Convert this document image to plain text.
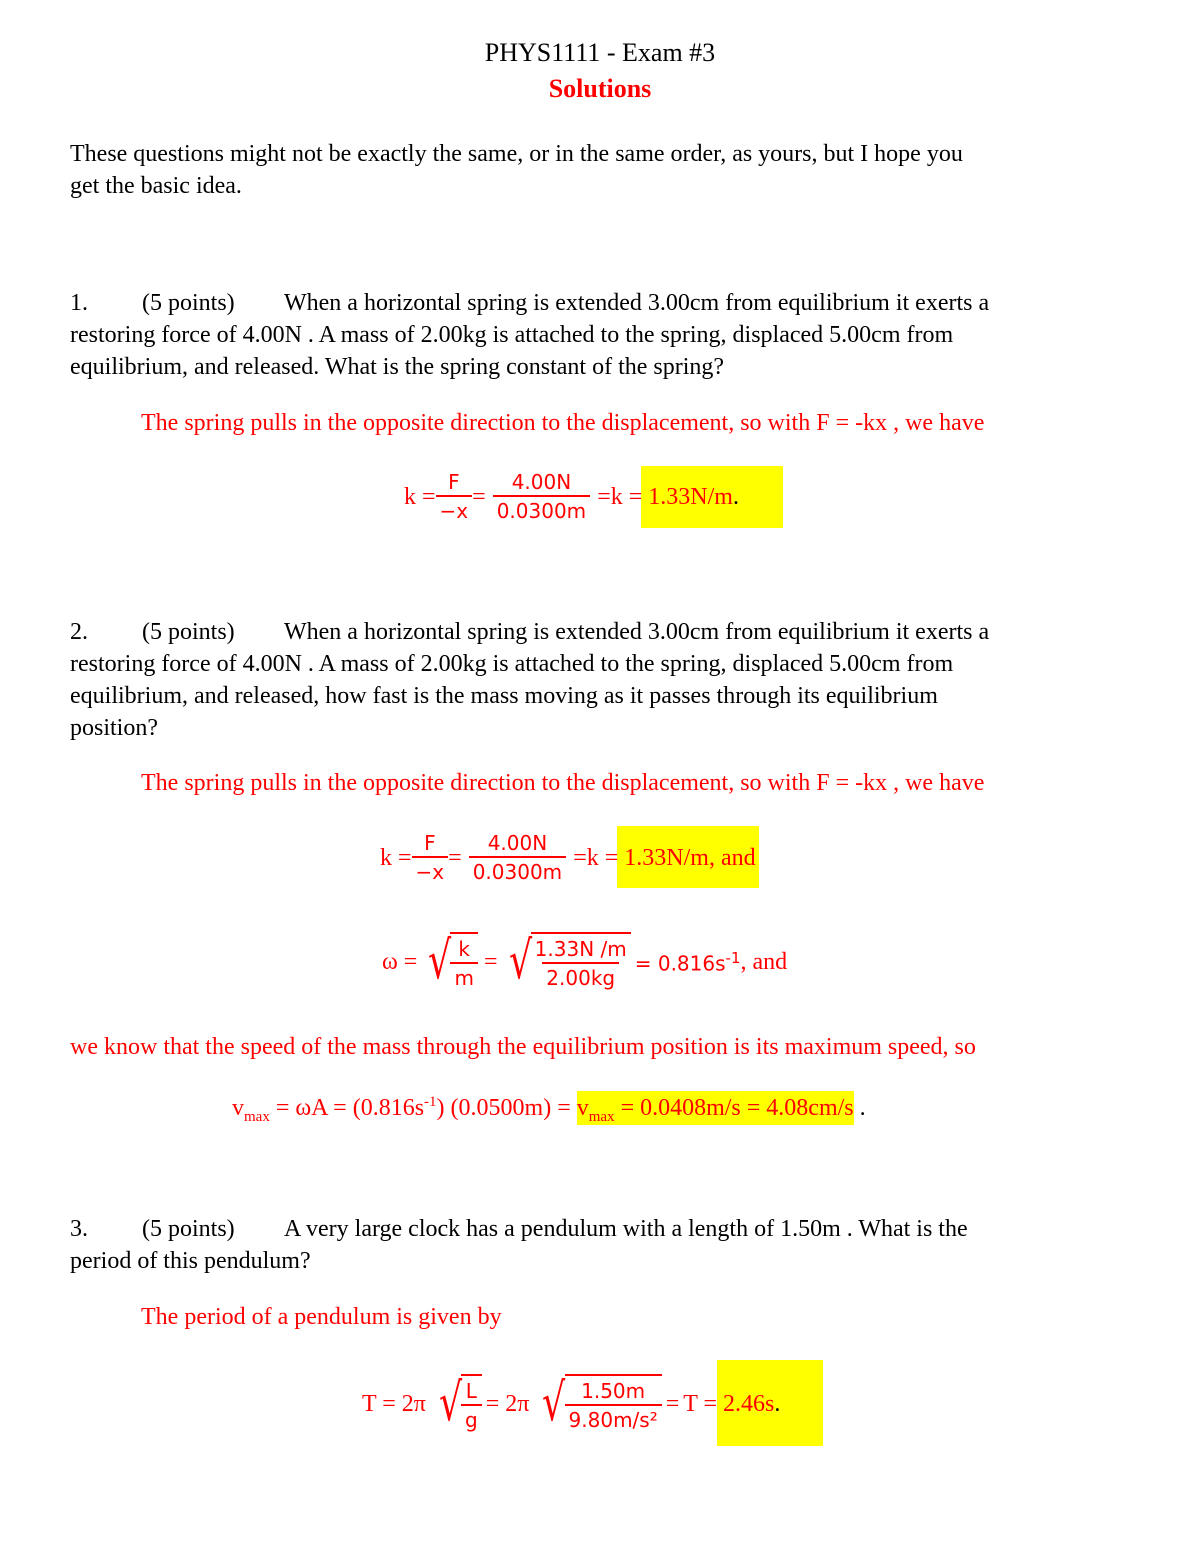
PHYS1111 - Exam #3
Solutions
These questions might not be exactly the same, or in the same order, as yours, but I hope you
get the basic idea.
1. (5 points) When a horizontal spring is extended 3.00cm from equilibrium it exerts a
restoring force of 4.00N . A mass of 2.00kg is attached to the spring, displaced 5.00cm from
equilibrium, and released. What is the spring constant of the spring?
The spring pulls in the opposite direction to the displacement, so with F = -kx , we have
$k = \frac{F}{-x} = \frac{4.00N}{0.0300m} = k = 1.33N/m$ .
2. (5 points) When a horizontal spring is extended 3.00cm from equilibrium it exerts a
restoring force of 4.00N . A mass of 2.00kg is attached to the spring, displaced 5.00cm from
equilibrium, and released, how fast is the mass moving as it passes through its equilibrium
position?
The spring pulls in the opposite direction to the displacement, so with F = -kx , we have
$k = \frac{F}{-x} = \frac{4.00N}{0.0300m} = k = 1.33N/m$ , and
ω = √
$\frac{k}{m}$ = √
$\frac{1.33N /m}{2.00kg} = 0.816s^{-1}$ , and
we know that the speed of the mass through the equilibrium position is its maximum speed, so
$v_{max} = \omega A = (0.816s^{-1}) (0.0500m) = v_{max} = 0.0408m/s = 4.08cm/s$ .
3. (5 points) A very large clock has a pendulum with a length of 1.50m . What is the
period of this pendulum?
The period of a pendulum is given by
T = 2π √
$\frac{L}{g} = 2\pi$ √
$\frac{1.50m}{\text{9.80m/s²}} = T = 2.46s$ .
